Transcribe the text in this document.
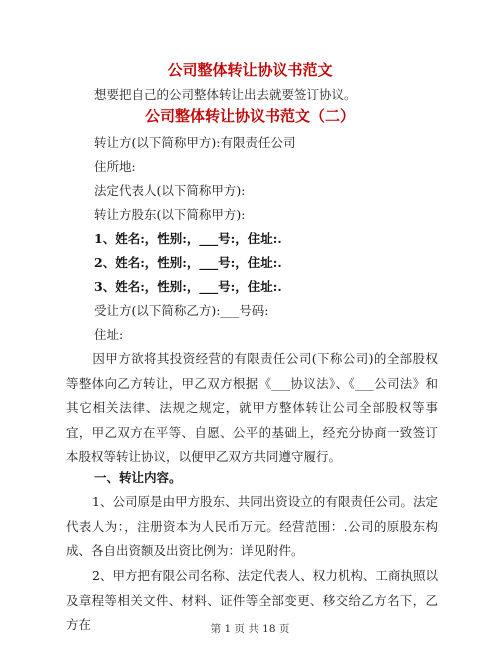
公司整体转让协议书范文
想要把自己的公司整体转让出去就要签订协议。
公司整体转让协议书范文（二）
转让方(以下简称甲方):有限责任公司
住所地:
法定代表人(以下简称甲方):
转让方股东(以下简称甲方):
1、姓名:，性别:，___号:，住址:.
2、姓名:，性别:，___号:，住址:.
3、姓名:，性别:，___号:，住址:.
受让方(以下简称乙方):___号码:
住址:
因甲方欲将其投资经营的有限责任公司(下称公司)的全部股权等整体向乙方转让，甲乙双方根据《___协议法》、《___公司法》和其它相关法律、法规之规定，就甲方整体转让公司全部股权等事宜，甲乙双方在平等、自愿、公平的基础上，经充分协商一致签订本股权等转让协议，以便甲乙双方共同遵守履行。
一、转让内容。
1、公司原是由甲方股东、共同出资设立的有限责任公司。法定代表人为：，注册资本为人民币万元。经营范围：.公司的原股东构成、各自出资额及出资比例为：详见附件。
2、甲方把有限公司名称、法定代表人、权力机构、工商执照以及章程等相关文件、材料、证件等全部变更、移交给乙方名下，乙方在	第 1 页 共 18 页
